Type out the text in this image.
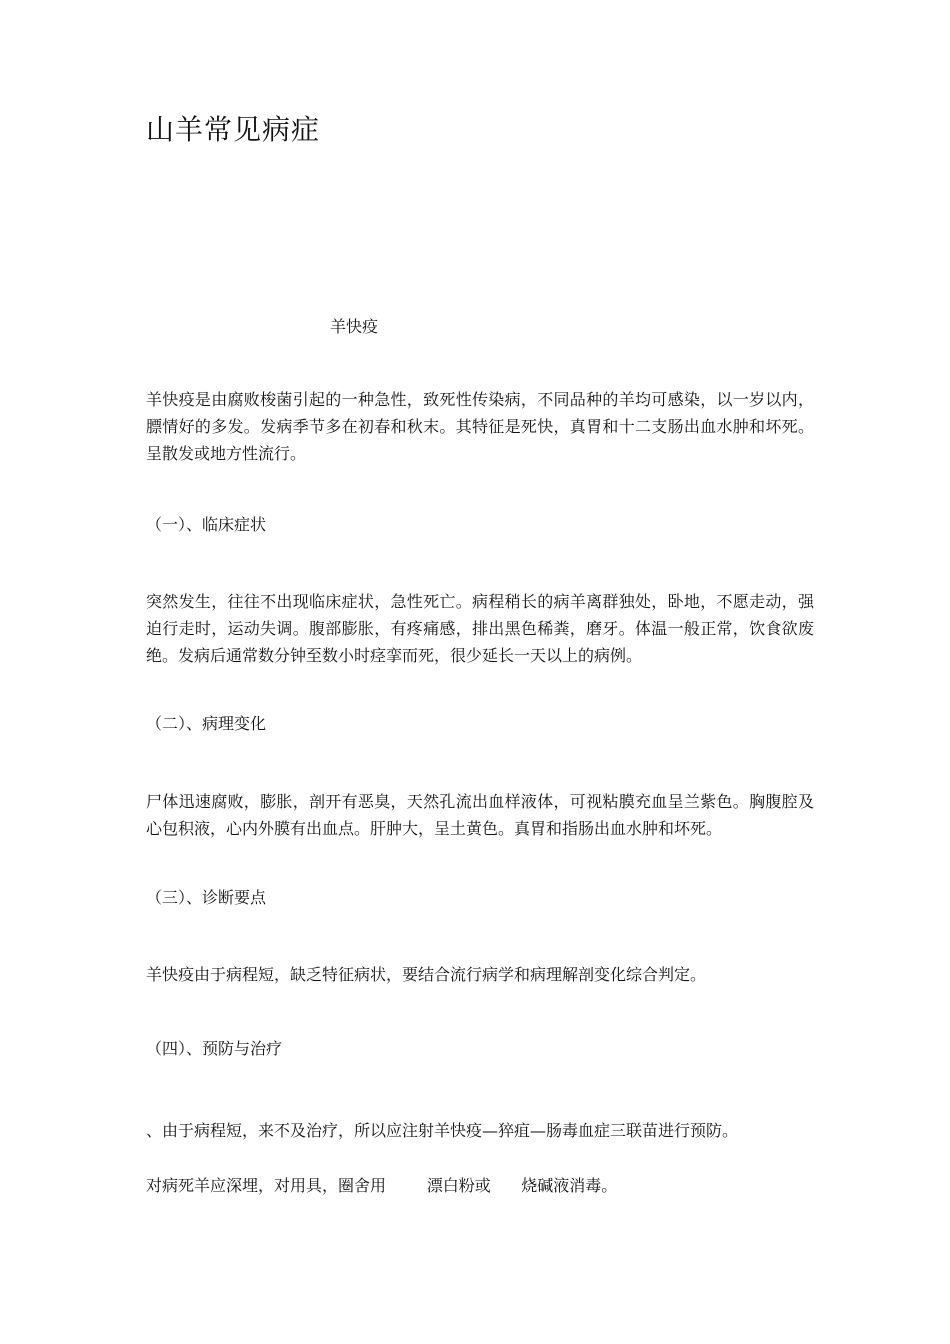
山羊常见病症
羊快疫

羊快疫是由腐败梭菌引起的一种急性，致死性传染病，不同品种的羊均可感染，以一岁以内，膘情好的多发。发病季节多在初春和秋末。其特征是死快，真胃和十二支肠出血水肿和坏死。呈散发或地方性流行。

（一）、临床症状

突然发生，往往不出现临床症状，急性死亡。病程稍长的病羊离群独处，卧地，不愿走动，强迫行走时，运动失调。腹部膨胀，有疼痛感，排出黑色稀粪，磨牙。体温一般正常，饮食欲废绝。发病后通常数分钟至数小时痉挛而死，很少延长一天以上的病例。

（二）、病理变化

尸体迅速腐败，膨胀，剖开有恶臭，天然孔流出血样液体，可视粘膜充血呈兰紫色。胸腹腔及心包积液，心内外膜有出血点。肝肿大，呈土黄色。真胃和指肠出血水肿和坏死。

（三）、诊断要点

羊快疫由于病程短，缺乏特征病状，要结合流行病学和病理解剖变化综合判定。

（四）、预防与治疗

、由于病程短，来不及治疗，所以应注射羊快疫—猝疽—肠毒血症三联苗进行预防。

对病死羊应深埋，对用具，圈舍用        漂白粉或      烧碱液消毒。
